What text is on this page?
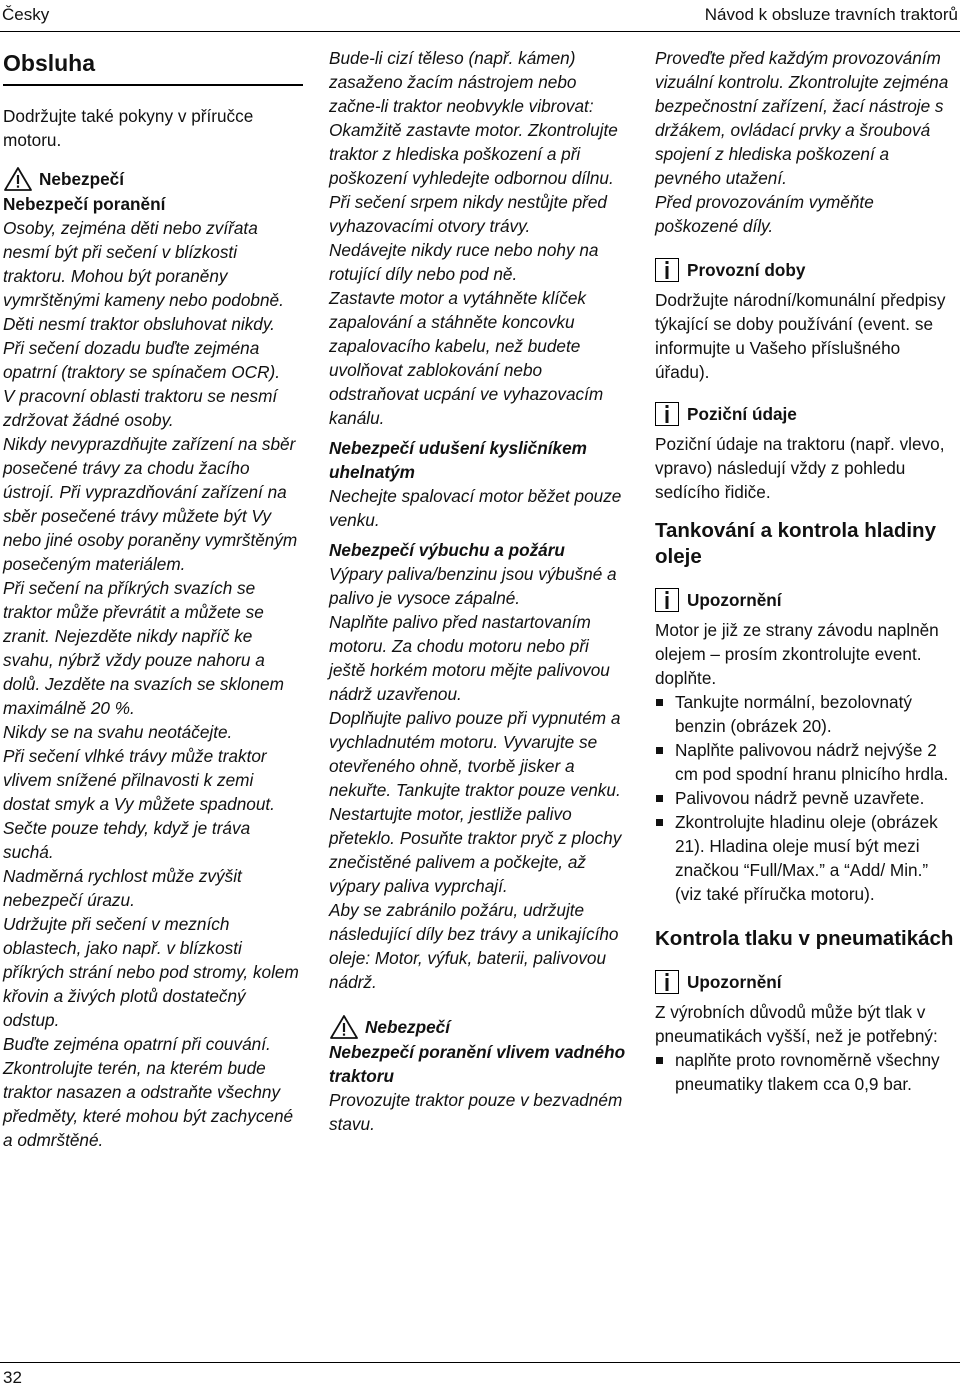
Česky	Návod k obsluze travních traktorů
Obsluha

Dodržujte také pokyny v příručce motoru.

Nebezpečí

Nebezpečí poranění

Osoby, zejména děti nebo zvířata nesmí být při sečení v blízkosti traktoru. Mohou být poraněny vymrštěnými kameny nebo podobně. Děti nesmí traktor obsluhovat nikdy.

Při sečení dozadu buďte zejména opatrní (traktory se spínačem OCR).

V pracovní oblasti traktoru se nesmí zdržovat žádné osoby.

Nikdy nevyprazdňujte zařízení na sběr posečené trávy za chodu žacího ústrojí. Při vyprazdňování zařízení na sběr posečené trávy můžete být Vy nebo jiné osoby poraněny vymrštěným posečeným materiálem.

Při sečení na příkrých svazích se traktor může převrátit a můžete se zranit. Nejezděte nikdy napříč ke svahu, nýbrž vždy pouze nahoru a dolů. Jezděte na svazích se sklonem maximálně 20 %.

Nikdy se na svahu neotáčejte.

Při sečení vlhké trávy může traktor vlivem snížené přilnavosti k zemi dostat smyk a Vy můžete spadnout. Sečte pouze tehdy, když je tráva suchá.

Nadměrná rychlost může zvýšit nebezpečí úrazu.

Udržujte při sečení v mezních oblastech, jako např. v blízkosti příkrých strání nebo pod stromy, kolem křovin a živých plotů dostatečný odstup.

Buďte zejména opatrní při couvání.

Zkontrolujte terén, na kterém bude traktor nasazen a odstraňte všechny předměty, které mohou být zachycené a odmrštěné.

Bude-li cizí těleso (např. kámen) zasaženo žacím nástrojem nebo začne-li traktor neobvykle vibrovat: Okamžitě zastavte motor. Zkontrolujte traktor z hlediska poškození a při poškození vyhledejte odbornou dílnu.

Při sečení srpem nikdy nestůjte před vyhazovacími otvory trávy.

Nedávejte nikdy ruce nebo nohy na rotující díly nebo pod ně.

Zastavte motor a vytáhněte klíček zapalování a stáhněte koncovku zapalovacího kabelu, než budete uvolňovat zablokování nebo odstraňovat ucpání ve vyhazovacím kanálu.

Nebezpečí udušení kysličníkem uhelnatým

Nechejte spalovací motor běžet pouze venku.

Nebezpečí výbuchu a požáru

Výpary paliva/benzinu jsou výbušné a palivo je vysoce zápalné.

Naplňte palivo před nastartovaním motoru. Za chodu motoru nebo při ještě horkém motoru mějte palivovou nádrž uzavřenou.

Doplňujte palivo pouze při vypnutém a vychladnutém motoru. Vyvarujte se otevřeného ohně, tvorbě jisker a nekuřte. Tankujte traktor pouze venku.

Nestartujte motor, jestliže palivo přeteklo. Posuňte traktor pryč z plochy znečistěné palivem a počkejte, až výpary paliva vyprchají.

Aby se zabránilo požáru, udržujte následující díly bez trávy a unikajícího oleje: Motor, výfuk, baterii, palivovou nádrž.

Nebezpečí

Nebezpečí poranění vlivem vadného traktoru

Provozujte traktor pouze v bezvadném stavu.

Proveďte před každým provozováním vizuální kontrolu. Zkontrolujte zejména bezpečnostní zařízení, žací nástroje s držákem, ovládací prvky a šroubová spojení z hlediska poškození a pevného utažení.

Před provozováním vyměňte poškozené díly.

Provozní doby

Dodržujte národní/komunální předpisy týkající se doby používání (event. se informujte u Vašeho příslušného úřadu).

Poziční údaje

Poziční údaje na traktoru (např. vlevo, vpravo) následují vždy z pohledu sedícího řidiče.

Tankování a kontrola hladiny oleje
Upozornění

Motor je již ze strany závodu naplněn olejem – prosím zkontrolujte event. doplňte.

Tankujte normální, bezolovnatý benzin (obrázek 20).
Naplňte palivovou nádrž nejvýše 2 cm pod spodní hranu plnicího hrdla.
Palivovou nádrž pevně uzavřete.
Zkontrolujte hladinu oleje (obrázek 21). Hladina oleje musí být mezi značkou “Full/Max.” a “Add/ Min.” (viz také příručka motoru).
Kontrola tlaku v pneumatikách
Upozornění

Z výrobních důvodů může být tlak v pneumatikách vyšší, než je potřebný:

naplňte proto rovnoměrně všechny pneumatiky tlakem cca 0,9 bar.
32
